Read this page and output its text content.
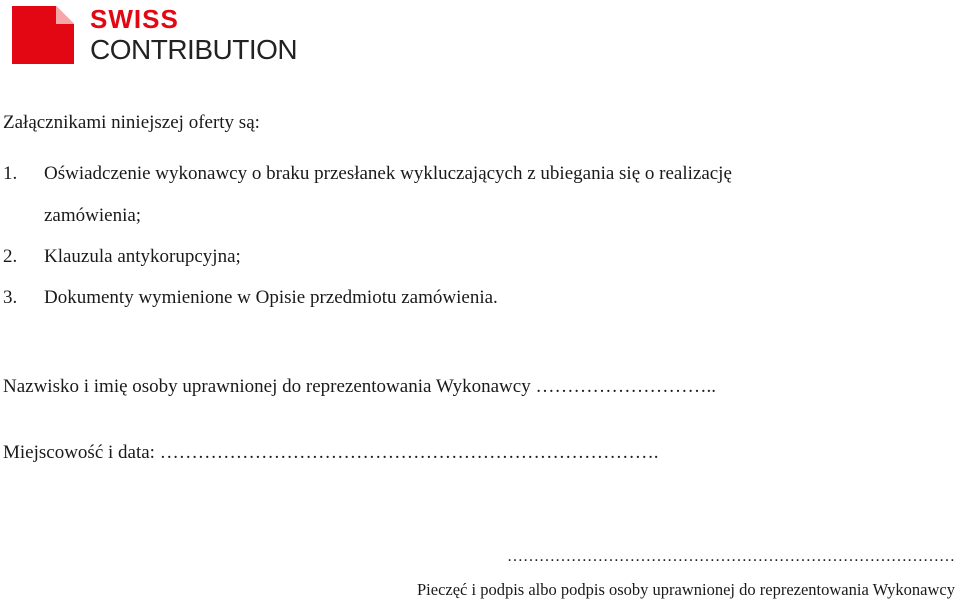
SWISS
CONTRIBUTION
Załącznikami niniejszej oferty są:
1. Oświadczenie wykonawcy o braku przesłanek wykluczających z ubiegania się o realizację
zamówienia;
2. Klauzula antykorupcyjna;
3. Dokumenty wymienione w Opisie przedmiotu zamówienia.
Nazwisko i imię osoby uprawnionej do reprezentowania Wykonawcy ………………………..
Miejscowość i data: …………………………………………………………………….
…………………………………………………………………………
Pieczęć i podpis albo podpis osoby uprawnionej do reprezentowania Wykonawcy
